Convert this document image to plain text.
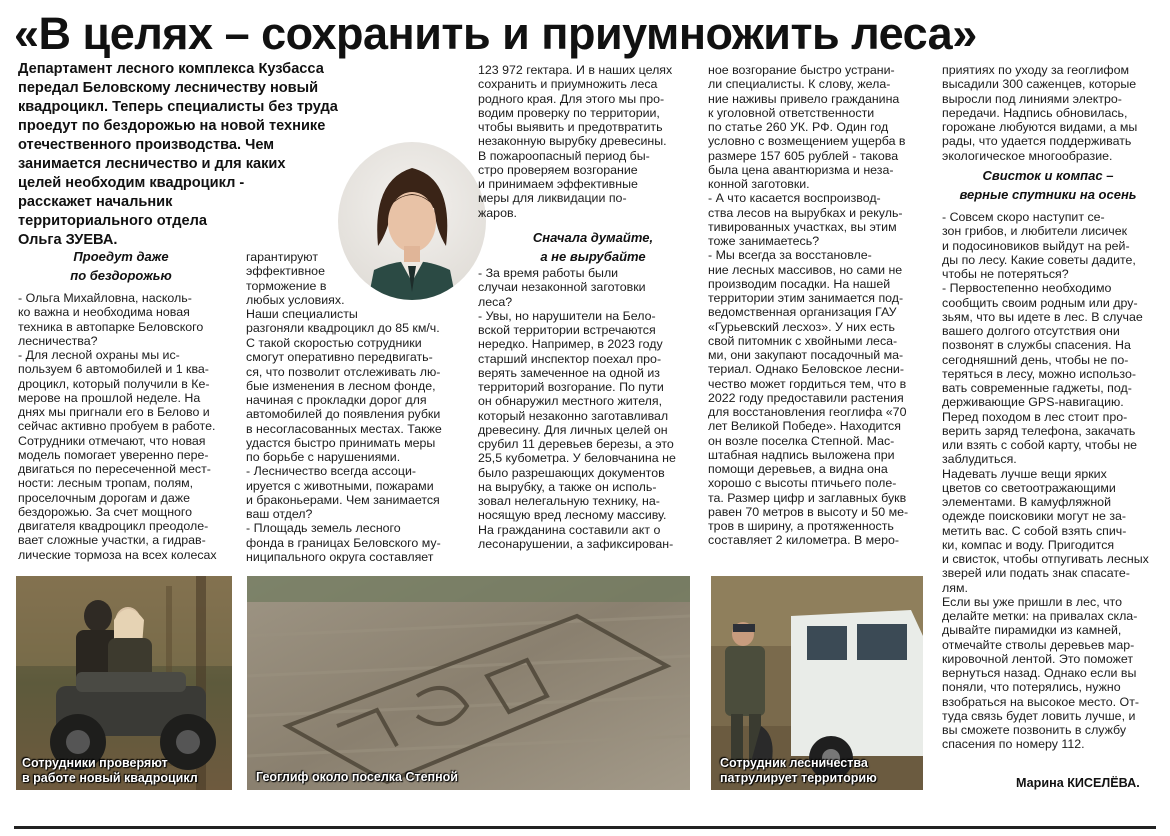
«В целях – сохранить и приумножить леса»
Департамент лесного комплекса Кузбасса
передал Беловскому лесничеству новый
квадроцикл. Теперь специалисты без труда
проедут по бездорожью на новой технике
отечественного производства. Чем
занимается лесничество и для каких
целей необходим квадроцикл -
расскажет начальник
территориального отдела
Ольга ЗУЕВА.
Проедут даже
по бездорожью
- Ольга Михайловна, насколь-
ко важна и необходима новая
техника в автопарке Беловского
лесничества?
- Для лесной охраны мы ис-
пользуем 6 автомобилей и 1 ква-
дроцикл, который получили в Ке-
мерове на прошлой неделе. На
днях мы пригнали его в Белово и
сейчас активно пробуем в работе.
Сотрудники отмечают, что новая
модель помогает уверенно пере-
двигаться по пересеченной мест-
ности: лесным тропам, полям,
проселочным дорогам и даже
бездорожью. За счет мощного
двигателя квадроцикл преодоле-
вает сложные участки, а гидрав-
лические тормоза на всех колесах
гарантируют
эффективное
торможение в
любых условиях.
Наши специалисты
разгоняли квадроцикл до 85 км/ч.
С такой скоростью сотрудники
смогут оперативно передвигать-
ся, что позволит отслеживать лю-
бые изменения в лесном фонде,
начиная с прокладки дорог для
автомобилей до появления рубки
в несогласованных местах. Также
удастся быстро принимать меры
по борьбе с нарушениями.
- Лесничество всегда ассоци-
ируется с животными, пожарами
и браконьерами. Чем занимается
ваш отдел?
- Площадь земель лесного
фонда в границах Беловского му-
ниципального округа составляет
123 972 гектара. И в наших целях
сохранить и приумножить леса
родного края. Для этого мы про-
водим проверку по территории,
чтобы выявить и предотвратить
незаконную вырубку древесины.
В пожароопасный период бы-
стро проверяем возгорание
и принимаем эффективные
меры для ликвидации по-
жаров.
Сначала думайте,
а не вырубайте
- За время работы были
случаи незаконной заготовки
леса?
- Увы, но нарушители на Бело-
вской территории встречаются
нередко. Например, в 2023 году
старший инспектор поехал про-
верять замеченное на одной из
территорий возгорание. По пути
он обнаружил местного жителя,
который незаконно заготавливал
древесину. Для личных целей он
срубил 11 деревьев березы, а это
25,5 кубометра. У беловчанина не
было разрешающих документов
на вырубку, а также он исполь-
зовал нелегальную технику, на-
носящую вред лесному массиву.
На гражданина составили акт о
лесонарушении, а зафиксирован-
ное возгорание быстро устрани-
ли специалисты. К слову, жела-
ние наживы привело гражданина
к уголовной ответственности
по статье 260 УК. РФ. Один год
условно с возмещением ущерба в
размере 157 605 рублей - такова
была цена авантюризма и неза-
конной заготовки.
- А что касается воспроизвод-
ства лесов на вырубках и рекуль-
тивированных участках, вы этим
тоже занимаетесь?
- Мы всегда за восстановле-
ние лесных массивов, но сами не
производим посадки. На нашей
территории этим занимается под-
ведомственная организация ГАУ
«Гурьевский лесхоз». У них есть
свой питомник с хвойными леса-
ми, они закупают посадочный ма-
териал. Однако Беловское лесни-
чество может гордиться тем, что в
2022 году предоставили растения
для восстановления геоглифа «70
лет Великой Победе». Находится
он возле поселка Степной. Мас-
штабная надпись выложена при
помощи деревьев, а видна она
хорошо с высоты птичьего поле-
та. Размер цифр и заглавных букв
равен 70 метров в высоту и 50 ме-
тров в ширину, а протяженность
составляет 2 километра. В меро-
приятиях по уходу за геоглифом
высадили 300 саженцев, которые
выросли под линиями электро-
передачи. Надпись обновилась,
горожане любуются видами, а мы
рады, что удается поддерживать
экологическое многообразие.
Свисток и компас –
верные спутники на осень
- Совсем скоро наступит се-
зон грибов, и любители лисичек
и подосиновиков выйдут на рей-
ды по лесу. Какие советы дадите,
чтобы не потеряться?
- Первостепенно необходимо
сообщить своим родным или дру-
зьям, что вы идете в лес. В случае
вашего долгого отсутствия они
позвонят в службы спасения. На
сегодняшний день, чтобы не по-
теряться в лесу, можно использо-
вать современные гаджеты, под-
держивающие GPS-навигацию.
Перед походом в лес стоит про-
верить заряд телефона, закачать
или взять с собой карту, чтобы не
заблудиться.
Надевать лучше вещи ярких
цветов со светоотражающими
элементами. В камуфляжной
одежде поисковики могут не за-
метить вас. С собой взять спич-
ки, компас и воду. Пригодится
и свисток, чтобы отпугивать лесных
зверей или подать знак спасате-
лям.
Если вы уже пришли в лес, что
делайте метки: на привалах скла-
дывайте пирамидки из камней,
отмечайте стволы деревьев мар-
кировочной лентой. Это поможет
вернуться назад. Однако если вы
поняли, что потерялись, нужно
взобраться на высокое место. От-
туда связь будет ловить лучше, и
вы сможете позвонить в службу
спасения по номеру 112.
Марина КИСЕЛЁВА.
Сотрудники проверяют
в работе новый квадроцикл	Геоглиф около поселка Степной
Сотрудник лесничества
патрулирует территорию
